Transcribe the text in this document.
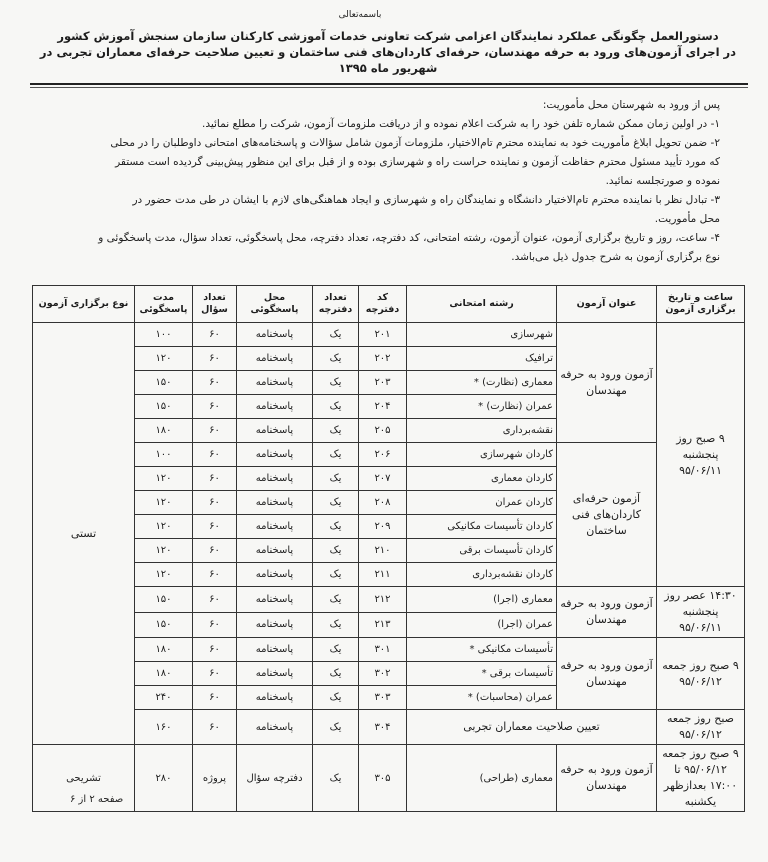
باسمه‌تعالی
دستورالعمل چگونگی عملکرد نمایندگان اعزامی شرکت تعاونی خدمات آموزشی کارکنان سازمان سنجش آموزش کشور
در اجرای آزمون‌های ورود به حرفه مهندسان، حرفه‌ای کاردان‌های فنی ساختمان و تعیین صلاحیت حرفه‌ای معماران تجربی در شهریور ماه ۱۳۹۵

پس از ورود به شهرستان محل مأموریت:

۱- در اولین زمان ممکن شماره تلفن خود را به شرکت اعلام نموده و از دریافت ملزومات آزمون، شرکت را مطلع نمائید.

۲- ضمن تحویل ابلاغ مأموریت خود به نماینده محترم تام‌الاختیار، ملزومات آزمون شامل سؤالات و پاسخنامه‌های امتحانی داوطلبان را در محلی

که مورد تأیید مسئول محترم حفاظت آزمون و نماینده حراست راه و شهرسازی بوده و از قبل برای این منظور پیش‌بینی گردیده است مستقر

نموده و صورتجلسه نمائید.

۳- تبادل نظر با نماینده محترم تام‌الاختیار دانشگاه و نمایندگان راه و شهرسازی و ایجاد هماهنگی‌های لازم با ایشان در طی مدت حضور در

محل مأموریت.

۴- ساعت، روز و تاریخ برگزاری آزمون، عنوان آزمون، رشته امتحانی، کد دفترچه، تعداد دفترچه، محل پاسخگوئی، تعداد سؤال، مدت پاسخگوئی و

نوع برگزاری آزمون به شرح جدول ذیل می‌باشد.

ساعت و تاریخ برگزاری آزمون	عنوان آزمون	رشته امتحانی	کد دفترچه	تعداد دفترچه	محل پاسخگوئی	تعداد سؤال	مدت پاسخگوئی	نوع برگزاری آزمون
۹ صبح روز پنجشنبه ۹۵/۰۶/۱۱	آزمون ورود به حرفه مهندسان	شهرسازی	۲۰۱	یک	پاسخنامه	۶۰	۱۰۰	تستی
		ترافیک	۲۰۲	یک	پاسخنامه	۶۰	۱۲۰	
		معماری (نظارت) *	۲۰۳	یک	پاسخنامه	۶۰	۱۵۰	
		عمران (نظارت) *	۲۰۴	یک	پاسخنامه	۶۰	۱۵۰	
		نقشه‌برداری	۲۰۵	یک	پاسخنامه	۶۰	۱۸۰	
	آزمون حرفه‌ای کاردان‌های فنی ساختمان	کاردان شهرسازی	۲۰۶	یک	پاسخنامه	۶۰	۱۰۰	
		کاردان معماری	۲۰۷	یک	پاسخنامه	۶۰	۱۲۰	
		کاردان عمران	۲۰۸	یک	پاسخنامه	۶۰	۱۲۰	
		کاردان تأسیسات مکانیکی	۲۰۹	یک	پاسخنامه	۶۰	۱۲۰	
		کاردان تأسیسات برقی	۲۱۰	یک	پاسخنامه	۶۰	۱۲۰	
		کاردان نقشه‌برداری	۲۱۱	یک	پاسخنامه	۶۰	۱۲۰	
۱۴:۳۰ عصر روز پنجشنبه ۹۵/۰۶/۱۱	آزمون ورود به حرفه مهندسان	معماری (اجرا)	۲۱۲	یک	پاسخنامه	۶۰	۱۵۰	
		عمران (اجرا)	۲۱۳	یک	پاسخنامه	۶۰	۱۵۰	
۹ صبح روز جمعه ۹۵/۰۶/۱۲	آزمون ورود به حرفه مهندسان	تأسیسات مکانیکی *	۳۰۱	یک	پاسخنامه	۶۰	۱۸۰	
		تأسیسات برقی *	۳۰۲	یک	پاسخنامه	۶۰	۱۸۰	
		عمران (محاسبات) *	۳۰۳	یک	پاسخنامه	۶۰	۲۴۰	
صبح روز جمعه ۹۵/۰۶/۱۲	تعیین صلاحیت معماران تجربی		۳۰۴	یک	پاسخنامه	۶۰	۱۶۰	
۹ صبح روز جمعه ۹۵/۰۶/۱۲ تا ۱۷:۰۰ بعدازظهر یکشنبه	آزمون ورود به حرفه مهندسان	معماری (طراحی)	۳۰۵	یک	دفترچه سؤال	پروژه	۲۸۰	تشریحی
صفحه ۲ از ۶
